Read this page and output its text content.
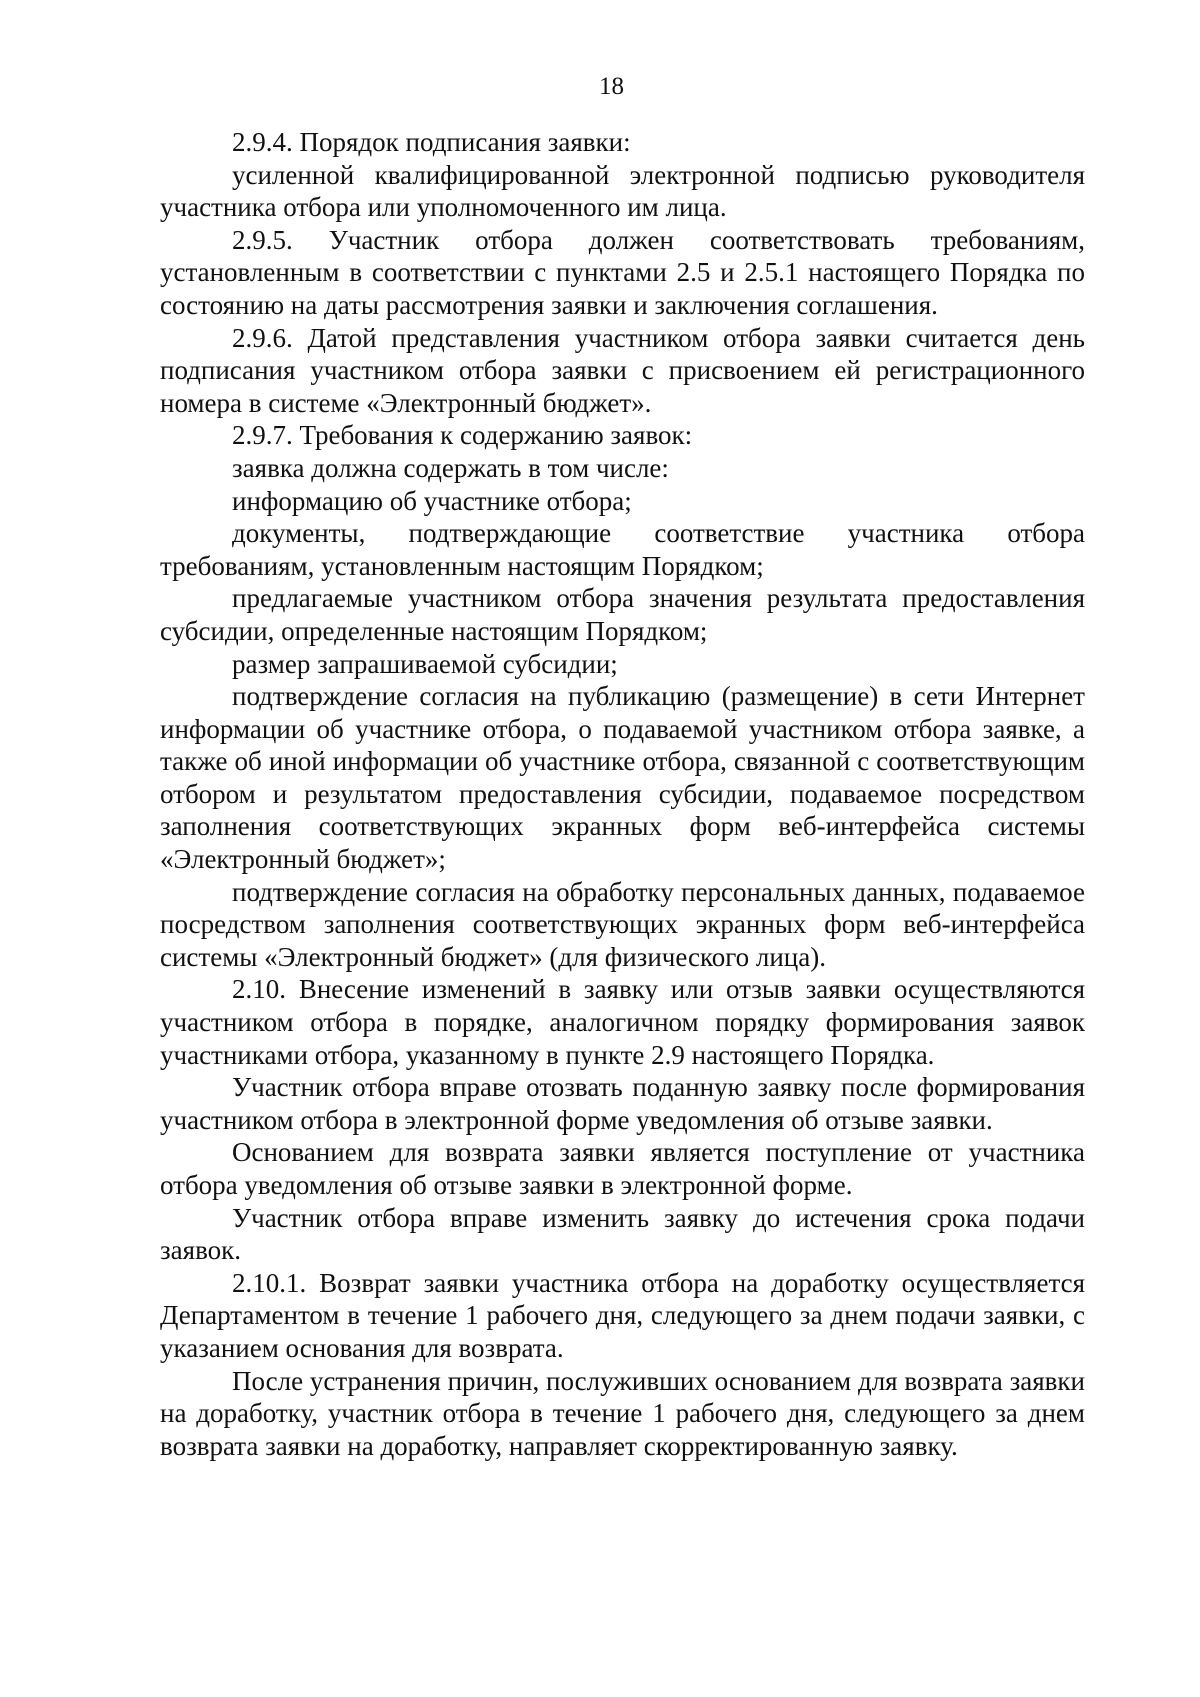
18

2.9.4. Порядок подписания заявки:

усиленной квалифицированной электронной подписью руководителя участника отбора или уполномоченного им лица.

2.9.5. Участник отбора должен соответствовать требованиям, установленным в соответствии с пунктами 2.5 и 2.5.1 настоящего Порядка по состоянию на даты рассмотрения заявки и заключения соглашения.

2.9.6. Датой представления участником отбора заявки считается день подписания участником отбора заявки с присвоением ей регистрационного номера в системе «Электронный бюджет».

2.9.7. Требования к содержанию заявок:

заявка должна содержать в том числе:

информацию об участнике отбора;

документы, подтверждающие соответствие участника отбора требованиям, установленным настоящим Порядком;

предлагаемые участником отбора значения результата предоставления субсидии, определенные настоящим Порядком;

размер запрашиваемой субсидии;

подтверждение согласия на публикацию (размещение) в сети Интернет информации об участнике отбора, о подаваемой участником отбора заявке, а также об иной информации об участнике отбора, связанной с соответствующим отбором и результатом предоставления субсидии, подаваемое посредством заполнения соответствующих экранных форм веб-интерфейса системы «Электронный бюджет»;

подтверждение согласия на обработку персональных данных, подаваемое посредством заполнения соответствующих экранных форм веб-интерфейса системы «Электронный бюджет» (для физического лица).

2.10. Внесение изменений в заявку или отзыв заявки осуществляются участником отбора в порядке, аналогичном порядку формирования заявок участниками отбора, указанному в пункте 2.9 настоящего Порядка.

Участник отбора вправе отозвать поданную заявку после формирования участником отбора в электронной форме уведомления об отзыве заявки.

Основанием для возврата заявки является поступление от участника отбора уведомления об отзыве заявки в электронной форме.

Участник отбора вправе изменить заявку до истечения срока подачи заявок.

2.10.1. Возврат заявки участника отбора на доработку осуществляется Департаментом в течение 1 рабочего дня, следующего за днем подачи заявки, с указанием основания для возврата.

После устранения причин, послуживших основанием для возврата заявки на доработку, участник отбора в течение 1 рабочего дня, следующего за днем возврата заявки на доработку, направляет скорректированную заявку.
